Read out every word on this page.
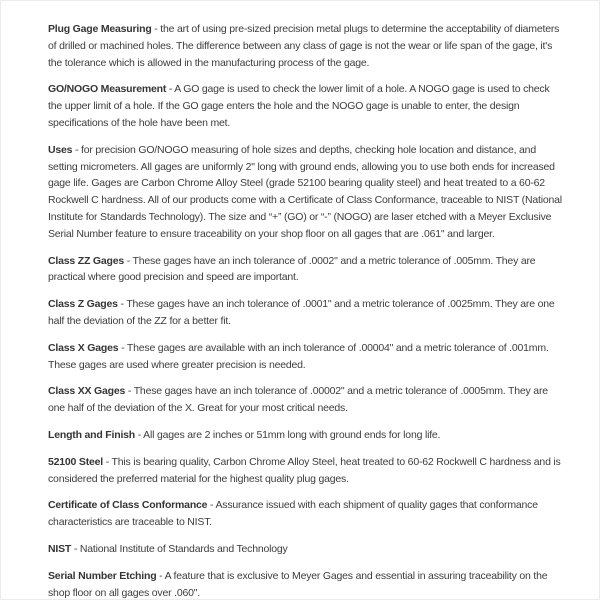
Plug Gage Measuring - the art of using pre-sized precision metal plugs to determine the acceptability of diameters of drilled or machined holes. The difference between any class of gage is not the wear or life span of the gage, it's the tolerance which is allowed in the manufacturing process of the gage.

GO/NOGO Measurement - A GO gage is used to check the lower limit of a hole. A NOGO gage is used to check the upper limit of a hole. If the GO gage enters the hole and the NOGO gage is unable to enter, the design specifications of the hole have been met.

Uses - for precision GO/NOGO measuring of hole sizes and depths, checking hole location and distance, and setting micrometers. All gages are uniformly 2" long with ground ends, allowing you to use both ends for increased gage life. Gages are Carbon Chrome Alloy Steel (grade 52100 bearing quality steel) and heat treated to a 60-62 Rockwell C hardness. All of our products come with a Certificate of Class Conformance, traceable to NIST (National Institute for Standards Technology). The size and “+” (GO) or “-” (NOGO) are laser etched with a Meyer Exclusive Serial Number feature to ensure traceability on your shop floor on all gages that are .061" and larger.

Class ZZ Gages - These gages have an inch tolerance of .0002" and a metric tolerance of .005mm. They are practical where good precision and speed are important.

Class Z Gages - These gages have an inch tolerance of .0001" and a metric tolerance of .0025mm. They are one half the deviation of the ZZ for a better fit.

Class X Gages - These gages are available with an inch tolerance of .00004" and a metric tolerance of .001mm. These gages are used where greater precision is needed.

Class XX Gages - These gages have an inch tolerance of .00002" and a metric tolerance of .0005mm. They are one half of the deviation of the X. Great for your most critical needs.

Length and Finish - All gages are 2 inches or 51mm long with ground ends for long life.

52100 Steel - This is bearing quality, Carbon Chrome Alloy Steel, heat treated to 60-62 Rockwell C hardness and is considered the preferred material for the highest quality plug gages.

Certificate of Class Conformance - Assurance issued with each shipment of quality gages that conformance characteristics are traceable to NIST.

NIST - National Institute of Standards and Technology

Serial Number Etching - A feature that is exclusive to Meyer Gages and essential in assuring traceability on the shop floor on all gages over .060".
